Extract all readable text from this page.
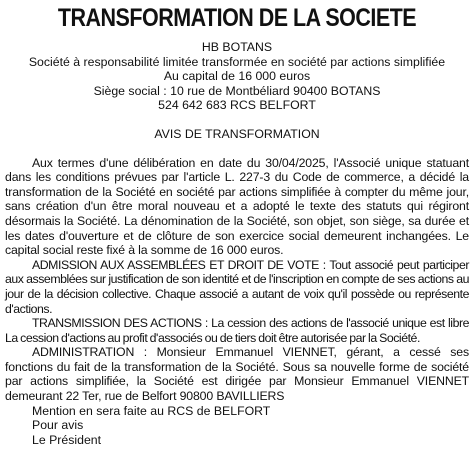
TRANSFORMATION DE LA SOCIETE
HB BOTANS
Société à responsabilité limitée transformée en société par actions simplifiée
Au capital de 16 000 euros
Siège social : 10 rue de Montbéliard 90400 BOTANS
524 642 683 RCS BELFORT
AVIS DE TRANSFORMATION

Aux termes d'une délibération en date du 30/04/2025, l'Associé unique statuant dans les conditions prévues par l'article L. 227-3 du Code de commerce, a décidé la transformation de la Société en société par actions simplifiée à compter du même jour, sans création d'un être moral nouveau et a adopté le texte des statuts qui régiront désormais la Société. La dénomination de la Société, son objet, son siège, sa durée et les dates d'ouverture et de clôture de son exercice social demeurent inchangées. Le capital social reste fixé à la somme de 16 000 euros.

ADMISSION AUX ASSEMBLÉES ET DROIT DE VOTE : Tout associé peut participer aux assemblées sur justification de son identité et de l'inscription en compte de ses actions au jour de la décision collective. Chaque associé a autant de voix qu'il possède ou représente d'actions.

TRANSMISSION DES ACTIONS : La cession des actions de l'associé unique est libre La cession d'actions au profit d'associés ou de tiers doit être autorisée par la Société.

ADMINISTRATION : Monsieur Emmanuel VIENNET, gérant, a cessé ses fonctions du fait de la transformation de la Société. Sous sa nouvelle forme de société par actions simplifiée, la Société est dirigée par Monsieur Emmanuel VIENNET demeurant 22 Ter, rue de Belfort 90800 BAVILLIERS

Mention en sera faite au RCS de BELFORT
Pour avis
Le Président
